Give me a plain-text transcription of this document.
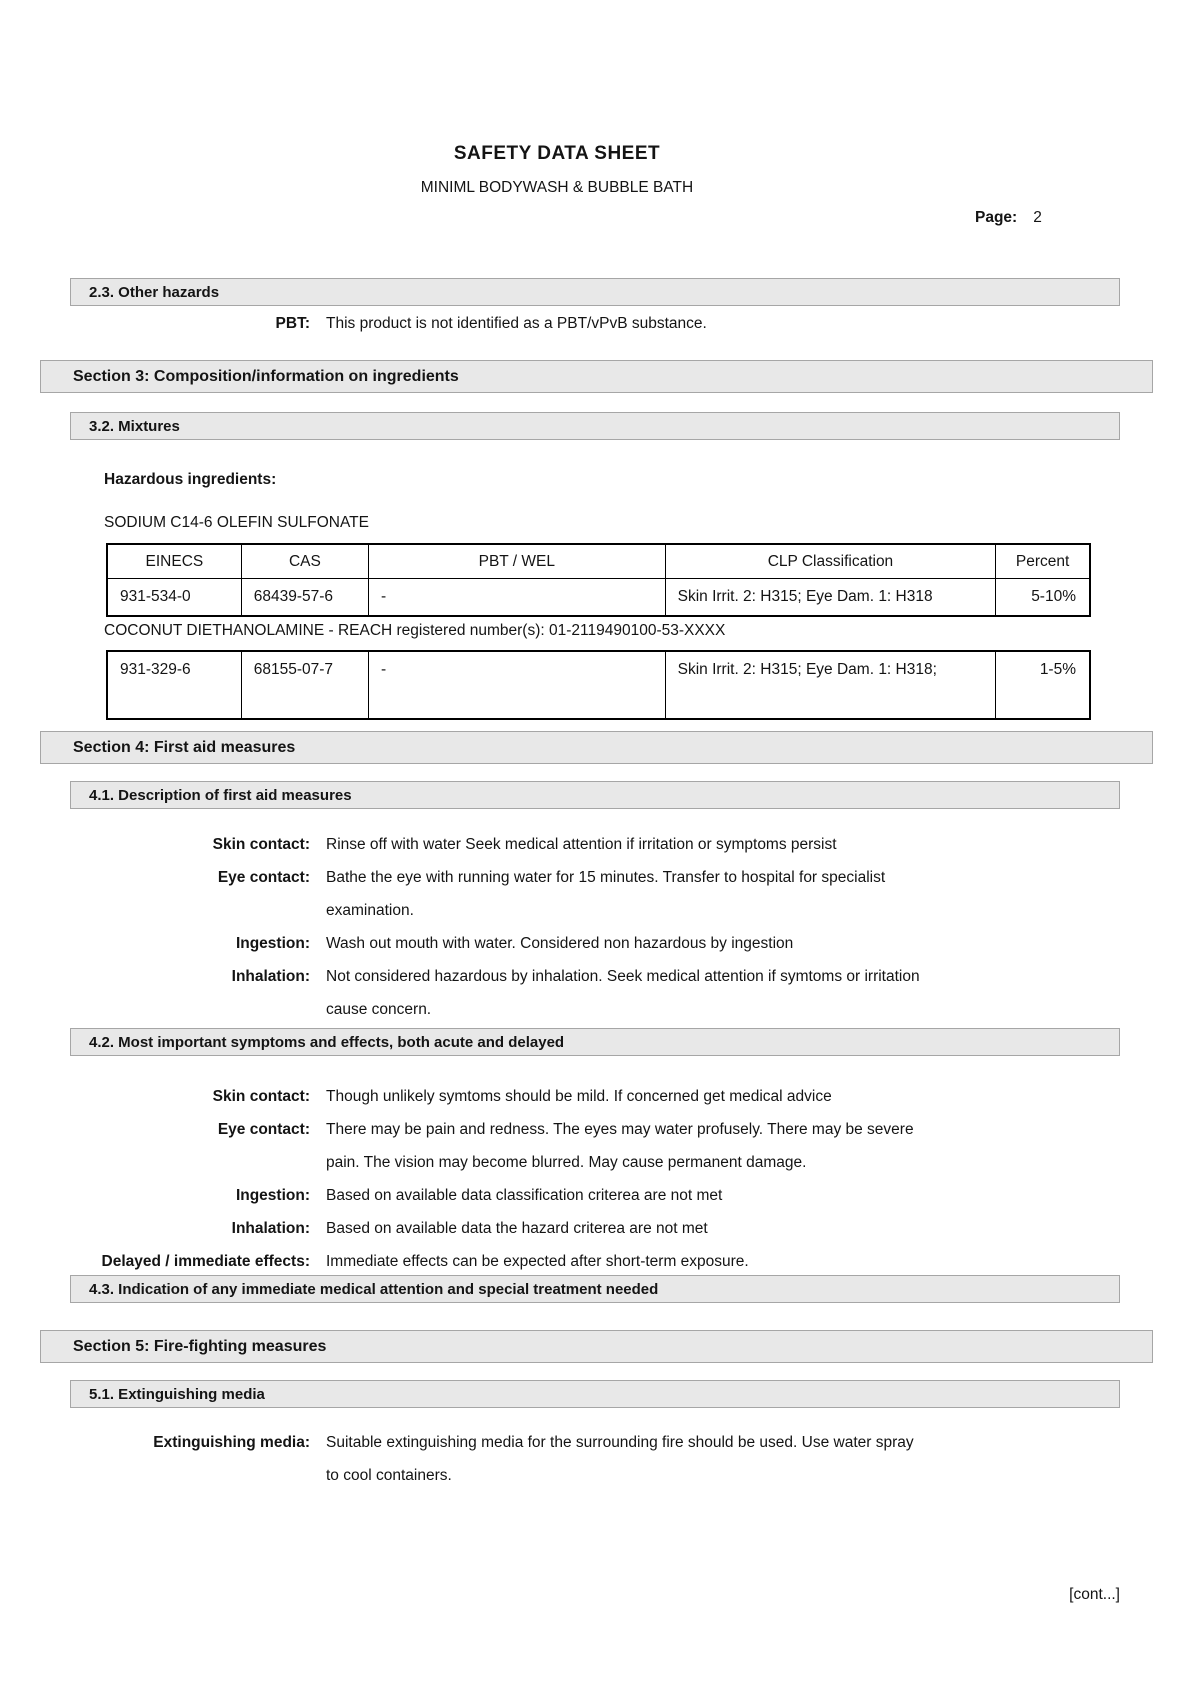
SAFETY DATA SHEET
MINIML BODYWASH & BUBBLE BATH
Page: 2
2.3. Other hazards
PBT: This product is not identified as a PBT/vPvB substance.
Section 3: Composition/information on ingredients
3.2. Mixtures
Hazardous ingredients:
SODIUM C14-6 OLEFIN SULFONATE
EINECS	CAS	PBT / WEL	CLP Classification	Percent
931-534-0	68439-57-6	-	Skin Irrit. 2: H315; Eye Dam. 1: H318	5-10%
COCONUT DIETHANOLAMINE - REACH registered number(s): 01-2119490100-53-XXXX
931-329-6	68155-07-7	-	Skin Irrit. 2: H315; Eye Dam. 1: H318;	1-5%
Section 4: First aid measures
4.1. Description of first aid measures
Skin contact: Rinse off with water Seek medical attention if irritation or symptoms persist
Eye contact: Bathe the eye with running water for 15 minutes. Transfer to hospital for specialist
examination.
Ingestion: Wash out mouth with water. Considered non hazardous by ingestion
Inhalation: Not considered hazardous by inhalation. Seek medical attention if symtoms or irritation
cause concern.
4.2. Most important symptoms and effects, both acute and delayed
Skin contact: Though unlikely symtoms should be mild. If concerned get medical advice
Eye contact: There may be pain and redness. The eyes may water profusely. There may be severe
pain. The vision may become blurred. May cause permanent damage.
Ingestion: Based on available data classification criterea are not met
Inhalation: Based on available data the hazard criterea are not met
Delayed / immediate effects: Immediate effects can be expected after short-term exposure.
4.3. Indication of any immediate medical attention and special treatment needed
Section 5: Fire-fighting measures
5.1. Extinguishing media
Extinguishing media: Suitable extinguishing media for the surrounding fire should be used. Use water spray
to cool containers.
[cont...]
